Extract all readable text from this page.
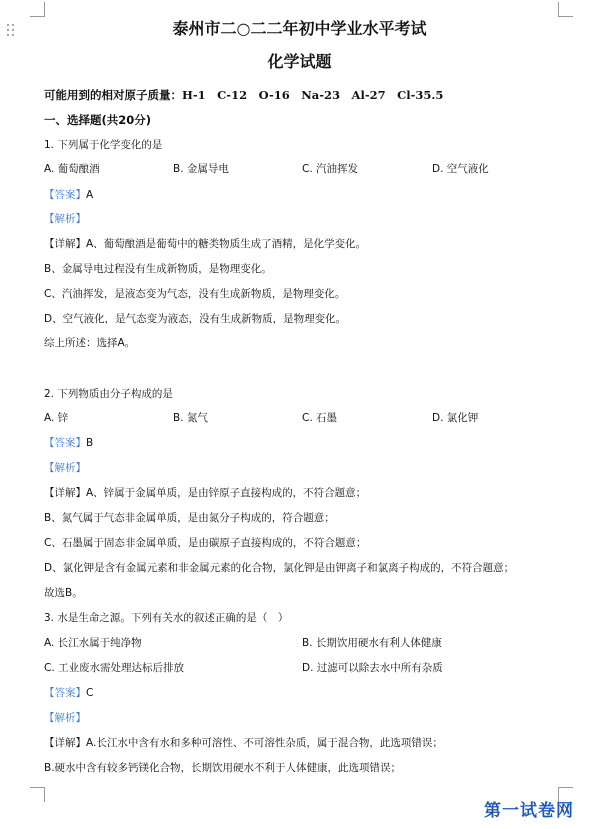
泰州市二○二二年初中学业水平考试
化学试题
可能用到的相对原子质量：H-1　C-12　O-16　Na-23　Al-27　Cl-35.5
一、选择题(共20分)
1. 下列属于化学变化的是
A. 葡萄酿酒	B. 金属导电	C. 汽油挥发	D. 空气液化
【答案】A
【解析】
【详解】A、葡萄酿酒是葡萄中的糖类物质生成了酒精，是化学变化。
B、金属导电过程没有生成新物质，是物理变化。
C、汽油挥发，是液态变为气态，没有生成新物质，是物理变化。
D、空气液化，是气态变为液态，没有生成新物质，是物理变化。
综上所述：选择A。
2. 下列物质由分子构成的是
A. 锌	B. 氮气	C. 石墨	D. 氯化钾
【答案】B
【解析】
【详解】A、锌属于金属单质，是由锌原子直接构成的，不符合题意；
B、氮气属于气态非金属单质，是由氮分子构成的，符合题意；
C、石墨属于固态非金属单质，是由碳原子直接构成的，不符合题意；
D、氯化钾是含有金属元素和非金属元素的化合物，氯化钾是由钾离子和氯离子构成的，不符合题意；
故选B。
3. 水是生命之源。下列有关水的叙述正确的是（　）
A. 长江水属于纯净物	B. 长期饮用硬水有利人体健康
C. 工业废水需处理达标后排放	D. 过滤可以除去水中所有杂质
【答案】C
【解析】
【详解】A.长江水中含有水和多种可溶性、不可溶性杂质，属于混合物，此选项错误；
B.硬水中含有较多钙镁化合物，长期饮用硬水不利于人体健康，此选项错误；
第一试卷网
